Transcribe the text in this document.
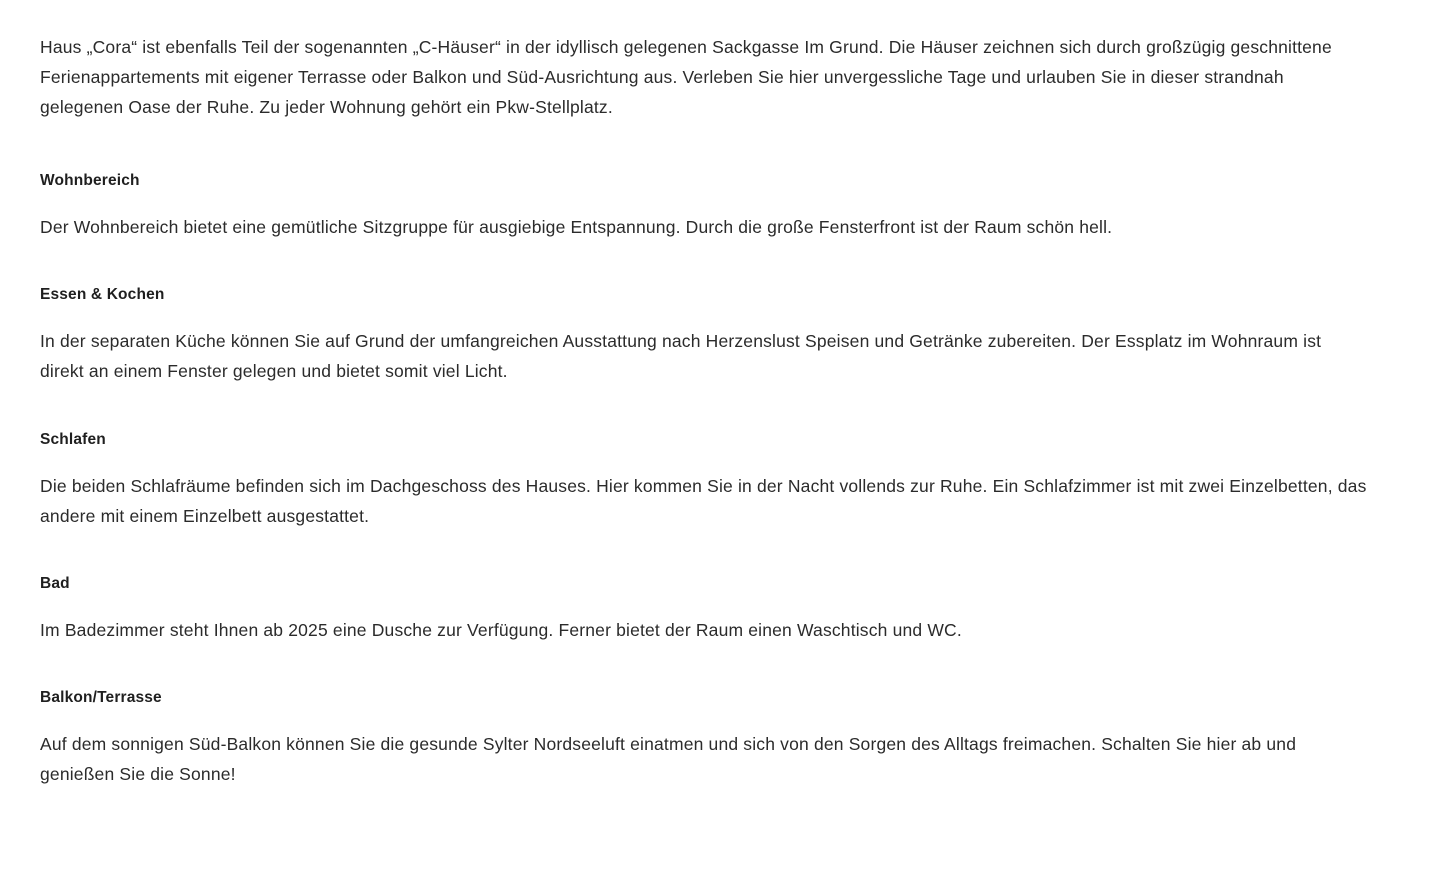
Haus „Cora“ ist ebenfalls Teil der sogenannten „C-Häuser“ in der idyllisch gelegenen Sackgasse Im Grund. Die Häuser zeichnen sich durch großzügig geschnittene Ferienappartements mit eigener Terrasse oder Balkon und Süd-Ausrichtung aus. Verleben Sie hier unvergessliche Tage und urlauben Sie in dieser strandnah gelegenen Oase der Ruhe. Zu jeder Wohnung gehört ein Pkw-Stellplatz.

Wohnbereich

Der Wohnbereich bietet eine gemütliche Sitzgruppe für ausgiebige Entspannung. Durch die große Fensterfront ist der Raum schön hell.

Essen & Kochen

In der separaten Küche können Sie auf Grund der umfangreichen Ausstattung nach Herzenslust Speisen und Getränke zubereiten. Der Essplatz im Wohnraum ist direkt an einem Fenster gelegen und bietet somit viel Licht.

Schlafen

Die beiden Schlafräume befinden sich im Dachgeschoss des Hauses. Hier kommen Sie in der Nacht vollends zur Ruhe. Ein Schlafzimmer ist mit zwei Einzelbetten, das andere mit einem Einzelbett ausgestattet.

Bad

Im Badezimmer steht Ihnen ab 2025 eine Dusche zur Verfügung. Ferner bietet der Raum einen Waschtisch und WC.

Balkon/Terrasse

Auf dem sonnigen Süd-Balkon können Sie die gesunde Sylter Nordseeluft einatmen und sich von den Sorgen des Alltags freimachen. Schalten Sie hier ab und genießen Sie die Sonne!
